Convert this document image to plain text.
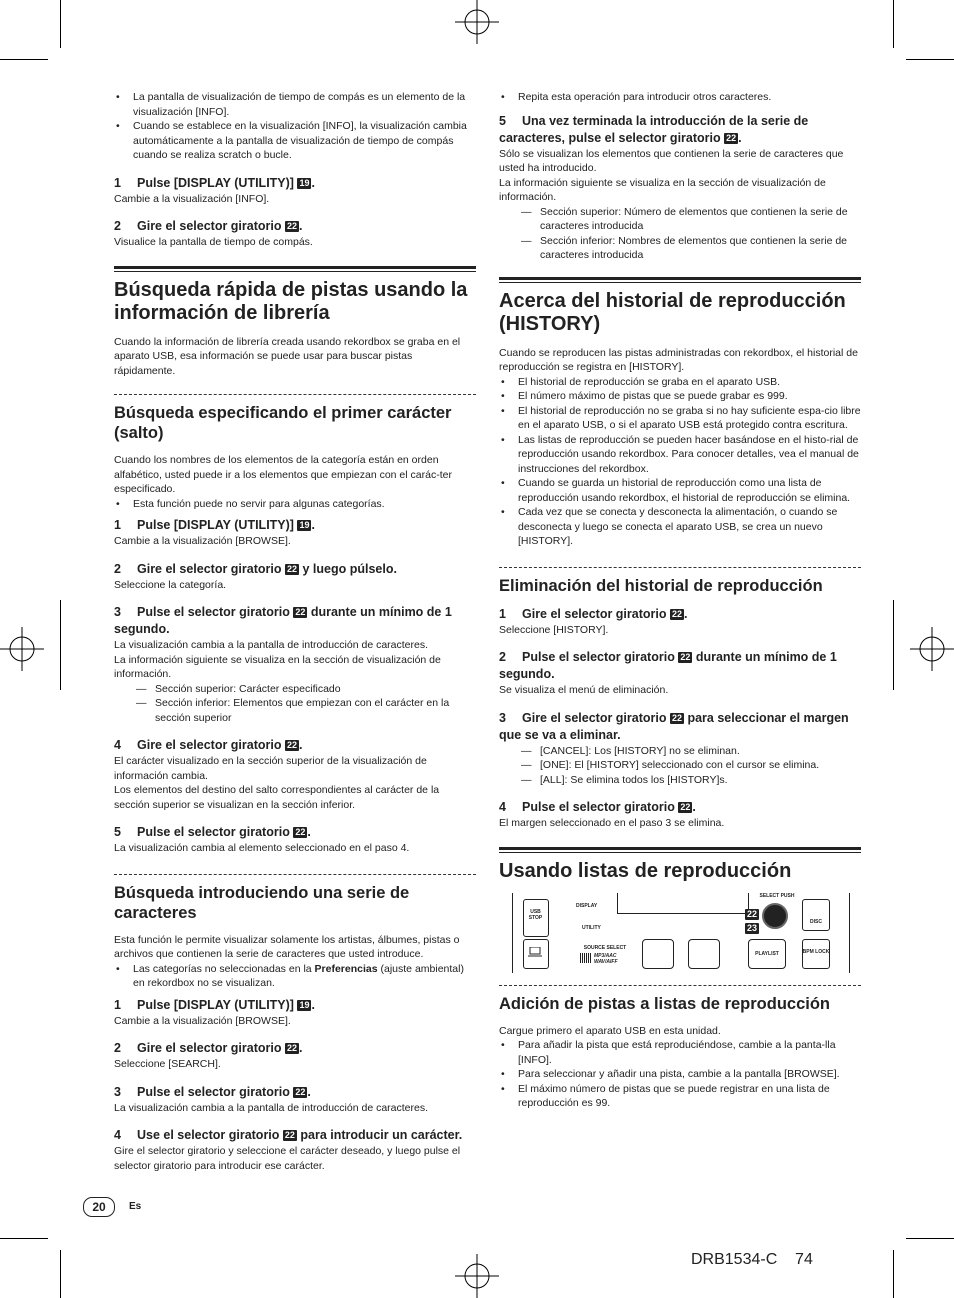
• La pantalla de visualización de tiempo de compás es un elemento de la visualización [INFO].
• Cuando se establece en la visualización [INFO], la visualización cambia automáticamente a la pantalla de visualización de tiempo de compás cuando se realiza scratch o bucle.
1 Pulse [DISPLAY (UTILITY)] 19 .

Cambie a la visualización [INFO].

2 Gire el selector giratorio 22 .

Visualice la pantalla de tiempo de compás.

Búsqueda rápida de pistas usando la información de librería

Cuando la información de librería creada usando rekordbox se graba en el aparato USB, esa información se puede usar para buscar pistas rápidamente.

Búsqueda especificando el primer carácter (salto)

Cuando los nombres de los elementos de la categoría están en orden alfabético, usted puede ir a los elementos que empiezan con el carác-ter especificado.

• Esta función puede no servir para algunas categorías.
1 Pulse [DISPLAY (UTILITY)] 19 .

Cambie a la visualización [BROWSE].

2 Gire el selector giratorio 22 y luego púlselo.

Seleccione la categoría.

3 Pulse el selector giratorio 22 durante un mínimo de 1 segundo.

La visualización cambia a la pantalla de introducción de caracteres.

La información siguiente se visualiza en la sección de visualización de información.

— Sección superior: Carácter especificado
— Sección inferior: Elementos que empiezan con el carácter en la sección superior
4 Gire el selector giratorio 22 .

El carácter visualizado en la sección superior de la visualización de información cambia.

Los elementos del destino del salto correspondientes al carácter de la sección superior se visualizan en la sección inferior.

5 Pulse el selector giratorio 22 .

La visualización cambia al elemento seleccionado en el paso 4.

Búsqueda introduciendo una serie de caracteres

Esta función le permite visualizar solamente los artistas, álbumes, pistas o archivos que contienen la serie de caracteres que usted introduce.

• Las categorías no seleccionadas en la Preferencias (ajuste ambiental) en rekordbox no se visualizan.
1 Pulse [DISPLAY (UTILITY)] 19 .

Cambie a la visualización [BROWSE].

2 Gire el selector giratorio 22 .

Seleccione [SEARCH].

3 Pulse el selector giratorio 22 .

La visualización cambia a la pantalla de introducción de caracteres.

4 Use el selector giratorio 22 para introducir un carácter.

Gire el selector giratorio y seleccione el carácter deseado, y luego pulse el selector giratorio para introducir ese carácter.

• Repita esta operación para introducir otros caracteres.
5 Una vez terminada la introducción de la serie de caracteres, pulse el selector giratorio 22 .

Sólo se visualizan los elementos que contienen la serie de caracteres que usted ha introducido.

La información siguiente se visualiza en la sección de visualización de información.

— Sección superior: Número de elementos que contienen la serie de caracteres introducida
— Sección inferior: Nombres de elementos que contienen la serie de caracteres introducida
Acerca del historial de reproducción (HISTORY)

Cuando se reproducen las pistas administradas con rekordbox, el historial de reproducción se registra en [HISTORY].

• El historial de reproducción se graba en el aparato USB.
• El número máximo de pistas que se puede grabar es 999.
• El historial de reproducción no se graba si no hay suficiente espa-cio libre en el aparato USB, o si el aparato USB está protegido contra escritura.
• Las listas de reproducción se pueden hacer basándose en el histo-rial de reproducción usando rekordbox. Para conocer detalles, vea el manual de instrucciones del rekordbox.
• Cuando se guarda un historial de reproducción como una lista de reproducción usando rekordbox, el historial de reproducción se elimina.
• Cada vez que se conecta y desconecta la alimentación, o cuando se desconecta y luego se conecta el aparato USB, se crea un nuevo [HISTORY].
Eliminación del historial de reproducción
1 Gire el selector giratorio 22 .

Seleccione [HISTORY].

2 Pulse el selector giratorio 22 durante un mínimo de 1 segundo.

Se visualiza el menú de eliminación.

3 Gire el selector giratorio 22 para seleccionar el margen que se va a eliminar.
— [CANCEL]: Los [HISTORY] no se eliminan.
— [ONE]: El [HISTORY] seleccionado con el cursor se elimina.
— [ALL]: Se elimina todos los [HISTORY]s.
4 Pulse el selector giratorio 22 .

El margen seleccionado en el paso 3 se elimina.

Usando listas de reproducción
USB STOP
DISPLAY
UTILITY
SOURCE SELECT
MP3/AAC WAV/AIFF
22
23
SELECT PUSH
PLAYLIST
DISC
BPM LOCK
Adición de pistas a listas de reproducción

Cargue primero el aparato USB en esta unidad.

• Para añadir la pista que está reproduciéndose, cambie a la panta-lla [INFO].
• Para seleccionar y añadir una pista, cambie a la pantalla [BROWSE].
• El máximo número de pistas que se puede registrar en una lista de reproducción es 99.
20	Es
DRB1534-C    74
